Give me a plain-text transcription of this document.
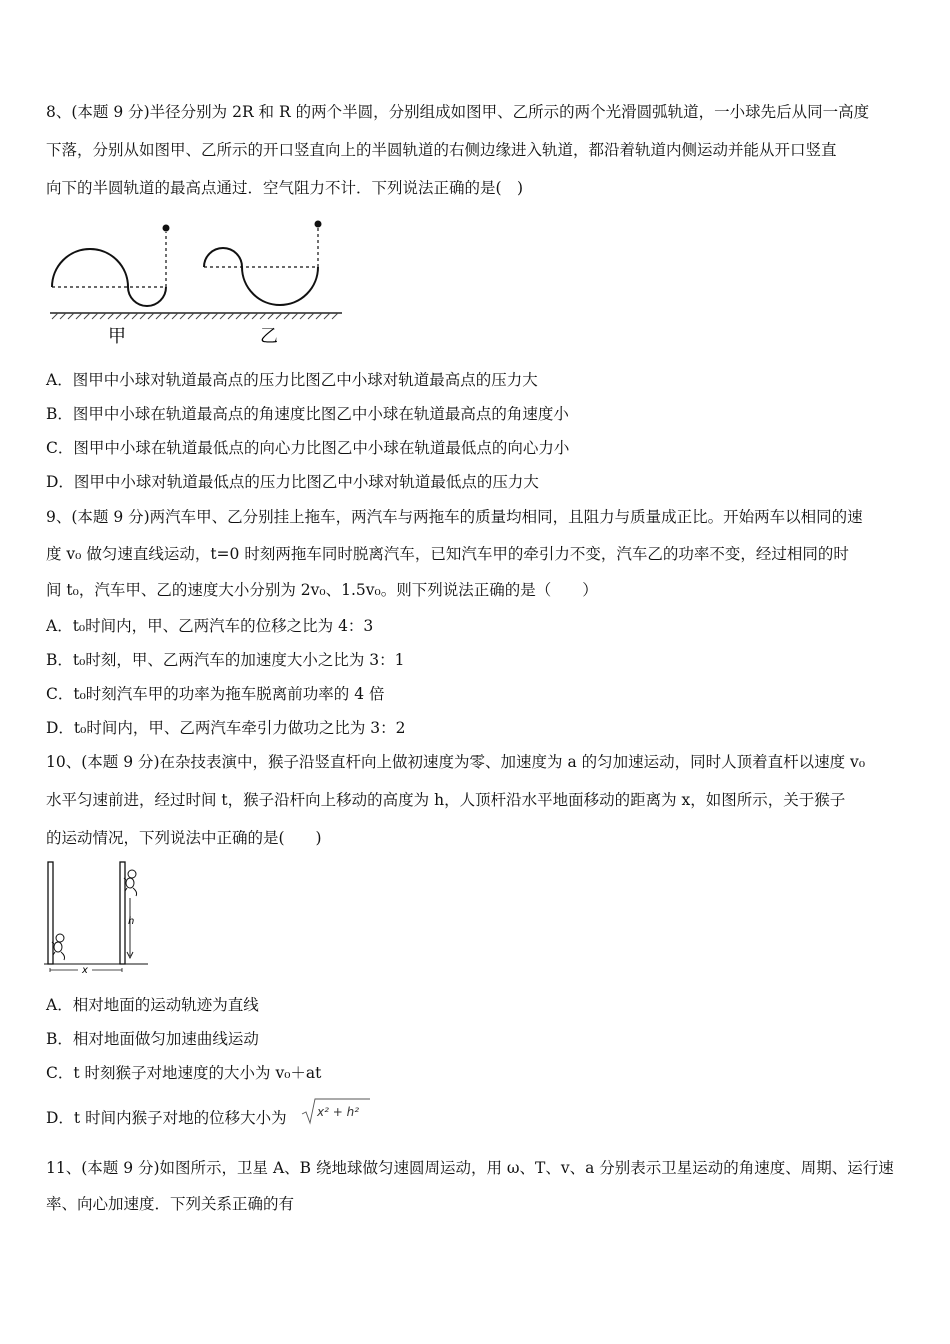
8、(本题 9 分)半径分别为 2R 和 R 的两个半圆，分别组成如图甲、乙所示的两个光滑圆弧轨道，一小球先后从同一高度
下落，分别从如图甲、乙所示的开口竖直向上的半圆轨道的右侧边缘进入轨道，都沿着轨道内侧运动并能从开口竖直
向下的半圆轨道的最高点通过．空气阻力不计．下列说法正确的是(　)
甲	乙
A．图甲中小球对轨道最高点的压力比图乙中小球对轨道最高点的压力大
B．图甲中小球在轨道最高点的角速度比图乙中小球在轨道最高点的角速度小
C．图甲中小球在轨道最低点的向心力比图乙中小球在轨道最低点的向心力小
D．图甲中小球对轨道最低点的压力比图乙中小球对轨道最低点的压力大
9、(本题 9 分)两汽车甲、乙分别挂上拖车，两汽车与两拖车的质量均相同，且阻力与质量成正比。开始两车以相同的速
度 v₀ 做匀速直线运动，t=0 时刻两拖车同时脱离汽车，已知汽车甲的牵引力不变，汽车乙的功率不变，经过相同的时
间 t₀，汽车甲、乙的速度大小分别为 2v₀、1.5v₀。则下列说法正确的是（　　）
A．t₀时间内，甲、乙两汽车的位移之比为 4：3
B．t₀时刻，甲、乙两汽车的加速度大小之比为 3：1
C．t₀时刻汽车甲的功率为拖车脱离前功率的 4 倍
D．t₀时间内，甲、乙两汽车牵引力做功之比为 3：2
10、(本题 9 分)在杂技表演中，猴子沿竖直杆向上做初速度为零、加速度为 a 的匀加速运动，同时人顶着直杆以速度 v₀
水平匀速前进，经过时间 t，猴子沿杆向上移动的高度为 h，人顶杆沿水平地面移动的距离为 x，如图所示，关于猴子
的运动情况，下列说法中正确的是(　　)
h
x
A．相对地面的运动轨迹为直线
B．相对地面做匀加速曲线运动
C．t 时刻猴子对地速度的大小为 v₀＋at
D．t 时间内猴子对地的位移大小为	x² + h²
11、(本题 9 分)如图所示，卫星 A、B 绕地球做匀速圆周运动，用 ω、T、v、a 分别表示卫星运动的角速度、周期、运行速
率、向心加速度．下列关系正确的有
